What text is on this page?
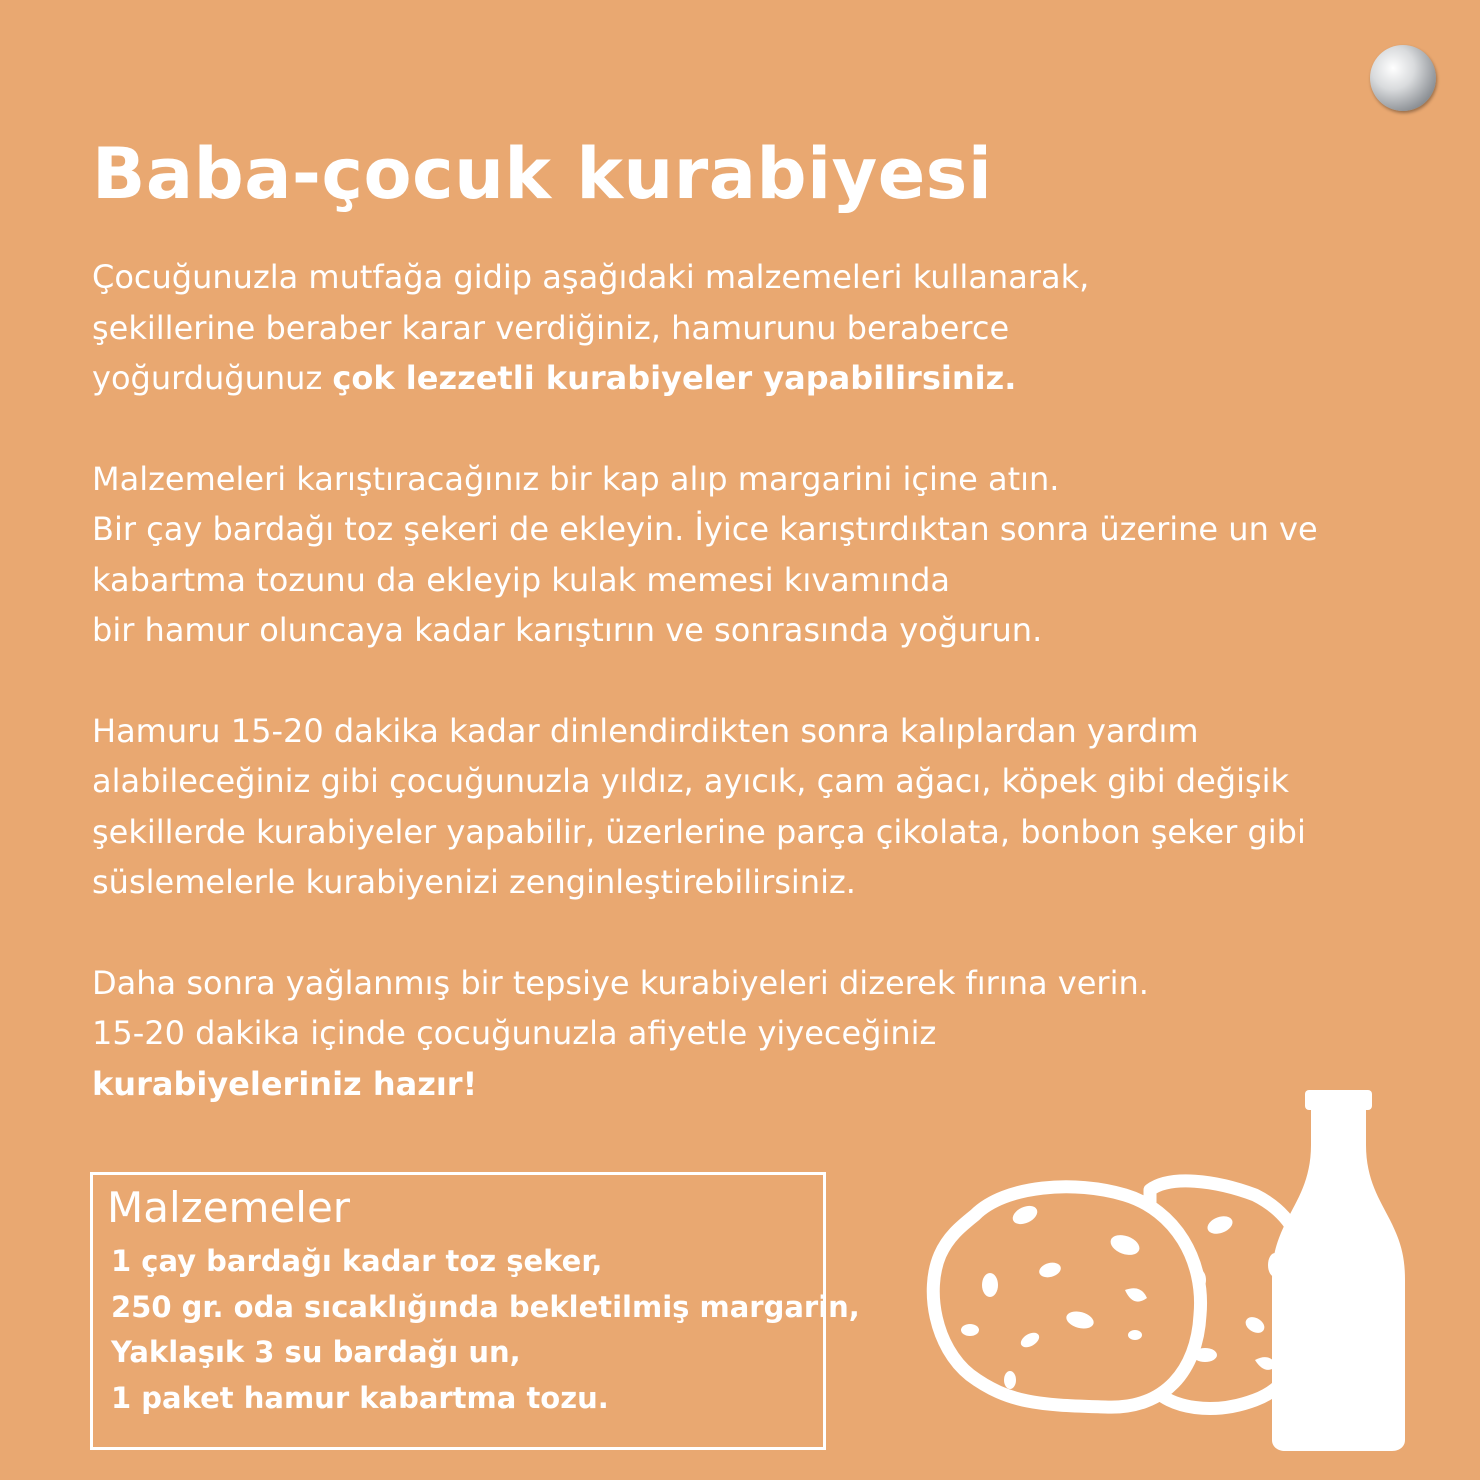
Baba-çocuk kurabiyesi

Çocuğunuzla mutfağa gidip aşağıdaki malzemeleri kullanarak,
şekillerine beraber karar verdiğiniz, hamurunu beraberce
yoğurduğunuz çok lezzetli kurabiyeler yapabilirsiniz.

Malzemeleri karıştıracağınız bir kap alıp margarini içine atın.
Bir çay bardağı toz şekeri de ekleyin. İyice karıştırdıktan sonra üzerine un ve
kabartma tozunu da ekleyip kulak memesi kıvamında
bir hamur oluncaya kadar karıştırın ve sonrasında yoğurun.

Hamuru 15-20 dakika kadar dinlendirdikten sonra kalıplardan yardım
alabileceğiniz gibi çocuğunuzla yıldız, ayıcık, çam ağacı, köpek gibi değişik
şekillerde kurabiyeler yapabilir, üzerlerine parça çikolata, bonbon şeker gibi
süslemelerle kurabiyenizi zenginleştirebilirsiniz.

Daha sonra yağlanmış bir tepsiye kurabiyeleri dizerek fırına verin.
15-20 dakika içinde çocuğunuzla afiyetle yiyeceğiniz
kurabiyeleriniz hazır!

Malzemeler
1 çay bardağı kadar toz şeker,
250 gr. oda sıcaklığında bekletilmiş margarin,
Yaklaşık 3 su bardağı un,
1 paket hamur kabartma tozu.
